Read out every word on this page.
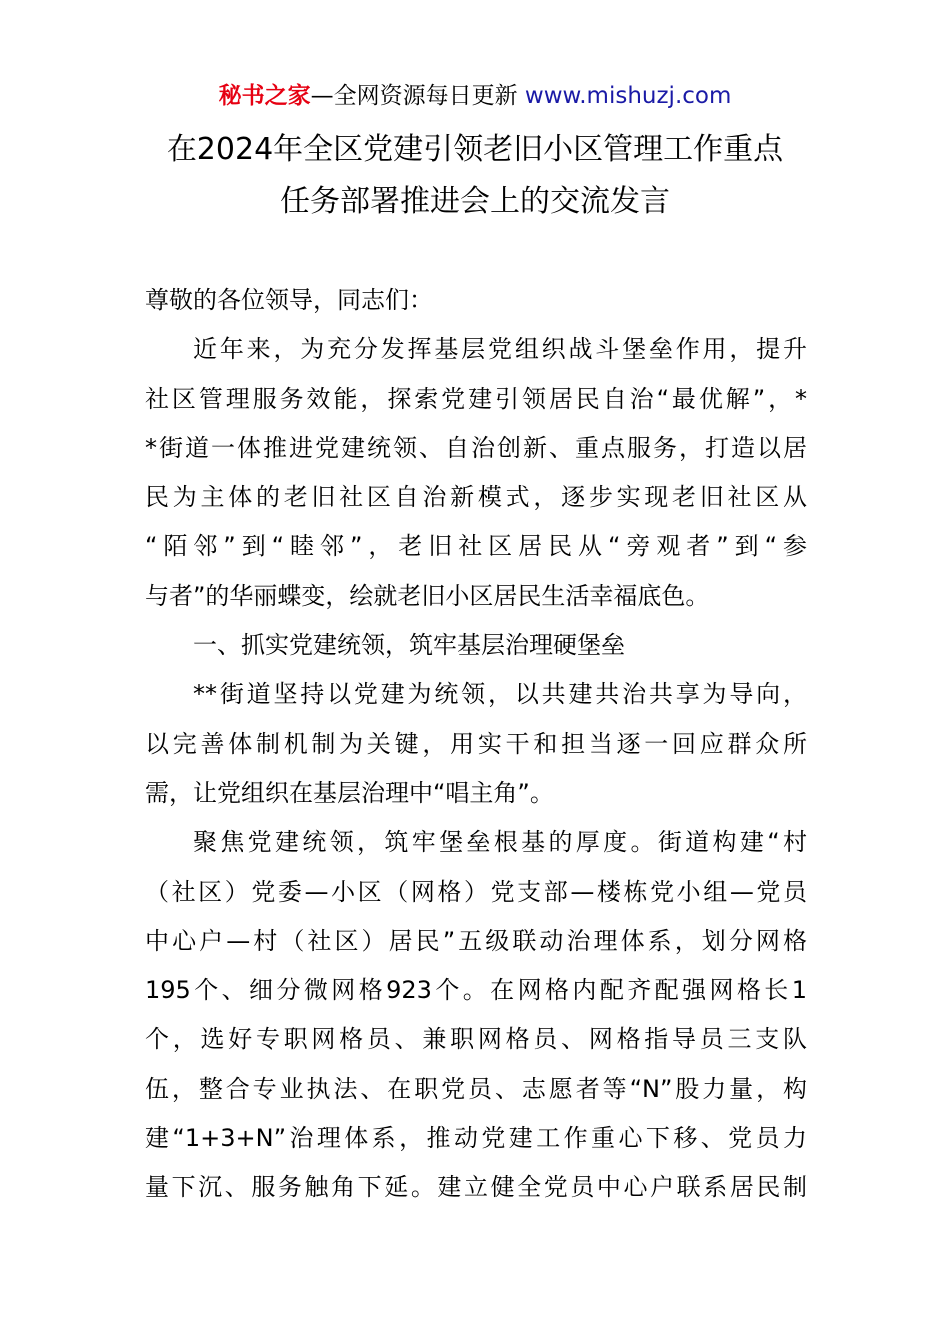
秘书之家—全网资源每日更新 www.mishuzj.com
在2024年全区党建引领老旧小区管理工作重点
任务部署推进会上的交流发言
尊敬的各位领导，同志们：
近年来，为充分发挥基层党组织战斗堡垒作用，提升
社区管理服务效能，探索党建引领居民自治“最优解”，*
*街道一体推进党建统领、自治创新、重点服务，打造以居
民为主体的老旧社区自治新模式，逐步实现老旧社区从
“陌邻”到“睦邻”，老旧社区居民从“旁观者”到“参
与者”的华丽蝶变，绘就老旧小区居民生活幸福底色。
一、抓实党建统领，筑牢基层治理硬堡垒
**街道坚持以党建为统领，以共建共治共享为导向，
以完善体制机制为关键，用实干和担当逐一回应群众所
需，让党组织在基层治理中“唱主角”。
聚焦党建统领，筑牢堡垒根基的厚度。街道构建“村
（社区）党委—小区（网格）党支部—楼栋党小组—党员
中心户—村（社区）居民”五级联动治理体系，划分网格
195个、细分微网格923个。在网格内配齐配强网格长1
个，选好专职网格员、兼职网格员、网格指导员三支队
伍，整合专业执法、在职党员、志愿者等“N”股力量，构
建“1+3+N”治理体系，推动党建工作重心下移、党员力
量下沉、服务触角下延。建立健全党员中心户联系居民制
